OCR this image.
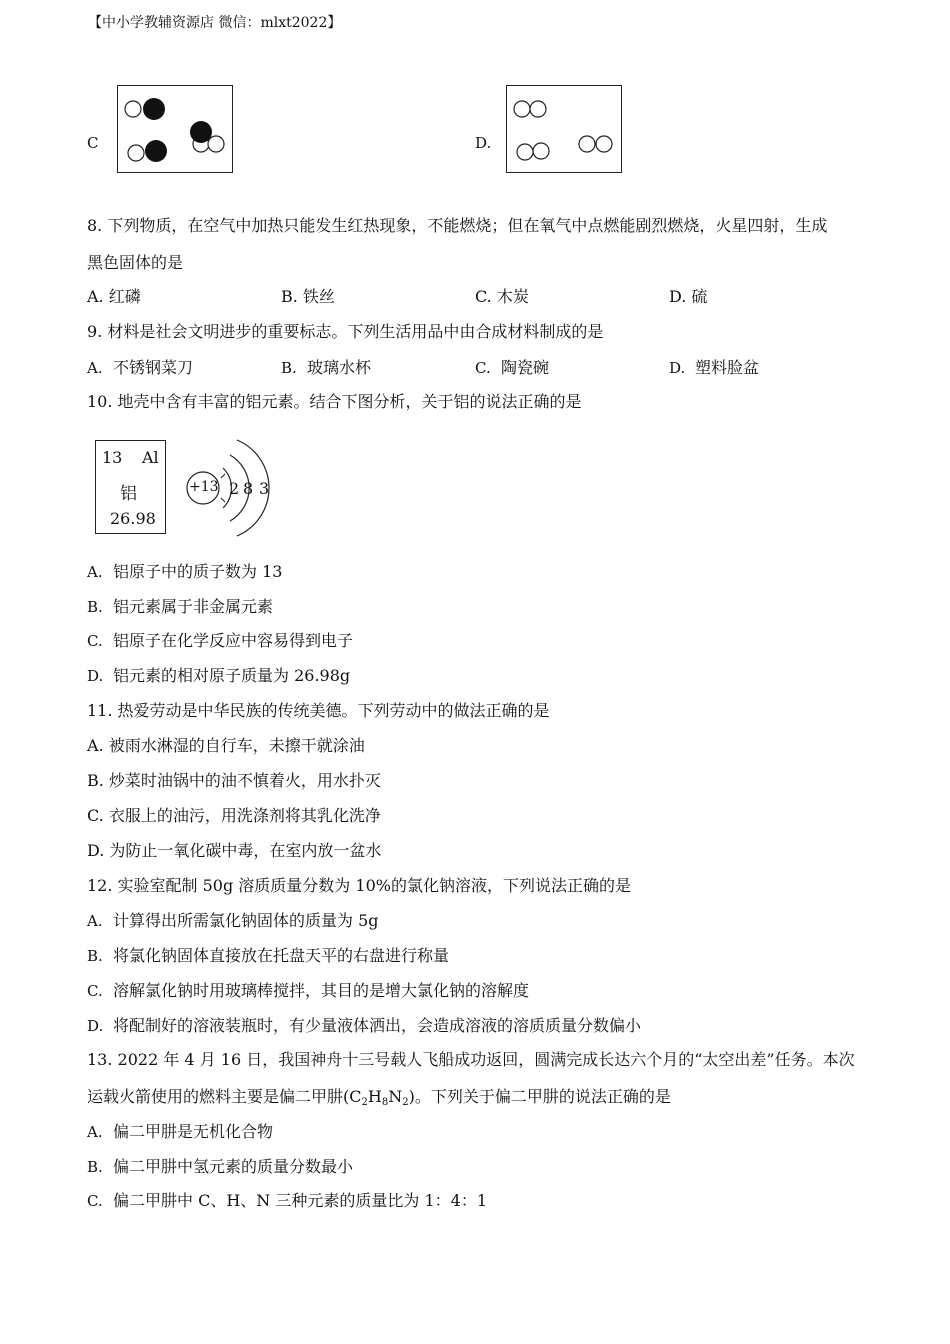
【中小学教辅资源店 微信：mlxt2022】
C	D.
8. 下列物质，在空气中加热只能发生红热现象，不能燃烧；但在氧气中点燃能剧烈燃烧，火星四射，生成
黑色固体的是
A. 红磷	B. 铁丝	C. 木炭	D. 硫
9. 材料是社会文明进步的重要标志。下列生活用品中由合成材料制成的是
A. 不锈钢菜刀	B. 玻璃水杯	C. 陶瓷碗	D. 塑料脸盆
10. 地壳中含有丰富的铝元素。结合下图分析，关于铝的说法正确的是
13 Al
铝
26.98
+13 2 8 3
A. 铝原子中的质子数为 13
B. 铝元素属于非金属元素
C. 铝原子在化学反应中容易得到电子
D. 铝元素的相对原子质量为 26.98g
11. 热爱劳动是中华民族的传统美德。下列劳动中的做法正确的是
A. 被雨水淋湿的自行车，未擦干就涂油
B. 炒菜时油锅中的油不慎着火，用水扑灭
C. 衣服上的油污，用洗涤剂将其乳化洗净
D. 为防止一氧化碳中毒，在室内放一盆水
12. 实验室配制 50g 溶质质量分数为 10%的氯化钠溶液，下列说法正确的是
A. 计算得出所需氯化钠固体的质量为 5g
B. 将氯化钠固体直接放在托盘天平的右盘进行称量
C. 溶解氯化钠时用玻璃棒搅拌，其目的是增大氯化钠的溶解度
D. 将配制好的溶液装瓶时，有少量液体洒出，会造成溶液的溶质质量分数偏小
13. 2022 年 4 月 16 日，我国神舟十三号载人飞船成功返回，圆满完成长达六个月的“太空出差”任务。本次
运载火箭使用的燃料主要是偏二甲肼$(C_2H_8N_2)$。下列关于偏二甲肼的说法正确的是
A. 偏二甲肼是无机化合物
B. 偏二甲肼中氢元素的质量分数最小
C. 偏二甲肼中 C、H、N 三种元素的质量比为 1：4：1
